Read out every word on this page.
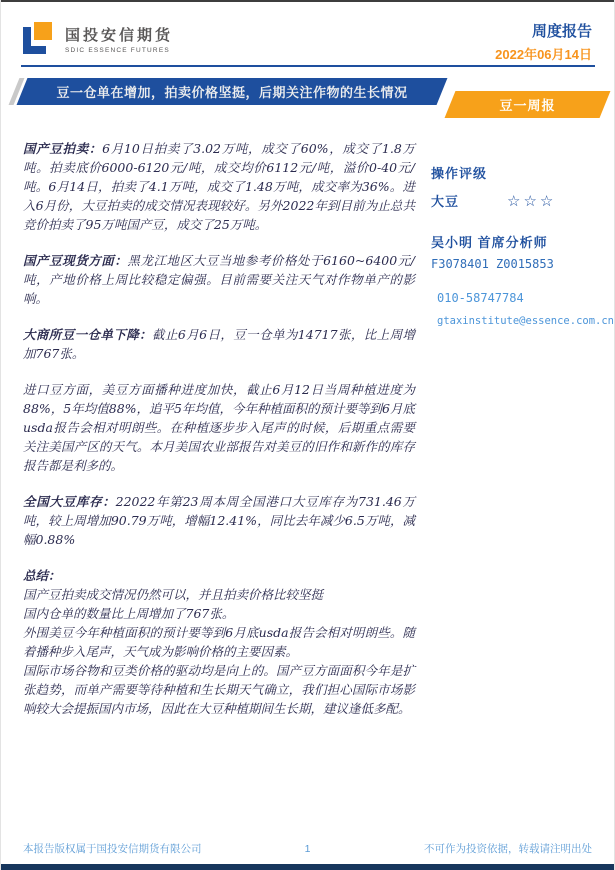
国投安信期货
SDIC ESSENCE FUTURES
周度报告
2022年06月14日
豆一仓单在增加，拍卖价格坚挺，后期关注作物的生长情况
豆一周报

国产豆拍卖：6月10日拍卖了3.02万吨，成交了60%，成交了1.8万吨。拍卖底价6000-6120元/吨，成交均价6112元/吨，溢价0-40元/吨。6月14日，拍卖了4.1万吨，成交了1.48万吨，成交率为36%。进入6月份，大豆拍卖的成交情况表现较好。另外2022年到目前为止总共竞价拍卖了95万吨国产豆，成交了25万吨。

国产豆现货方面：黑龙江地区大豆当地参考价格处于6160~6400元/吨，产地价格上周比较稳定偏强。目前需要关注天气对作物单产的影响。

大商所豆一仓单下降：截止6月6日，豆一仓单为14717张，比上周增加767张。

进口豆方面，美豆方面播种进度加快，截止6月12日当周种植进度为88%，5年均值88%，追平5年均值，今年种植面积的预计要等到6月底usda报告会相对明朗些。在种植逐步步入尾声的时候，后期重点需要关注美国产区的天气。本月美国农业部报告对美豆的旧作和新作的库存报告都是利多的。

全国大豆库存：22022年第23周本周全国港口大豆库存为731.46万吨，较上周增加90.79万吨，增幅12.41%，同比去年减少6.5万吨，减幅0.88%

总结：
国产豆拍卖成交情况仍然可以，并且拍卖价格比较坚挺
国内仓单的数量比上周增加了767张。
外围美豆今年种植面积的预计要等到6月底usda报告会相对明朗些。随着播种步入尾声，天气成为影响价格的主要因素。
国际市场谷物和豆类价格的驱动均是向上的。国产豆方面面积今年是扩张趋势，而单产需要等待种植和生长期天气确立，我们担心国际市场影响较大会提振国内市场，因此在大豆种植期间生长期，建议逢低多配。
操作评级
大豆	☆☆☆
吴小明 首席分析师
F3078401 Z0015853
010-58747784
gtaxinstitute@essence.com.cn
本报告版权属于国投安信期货有限公司	1	不可作为投资依据，转载请注明出处
